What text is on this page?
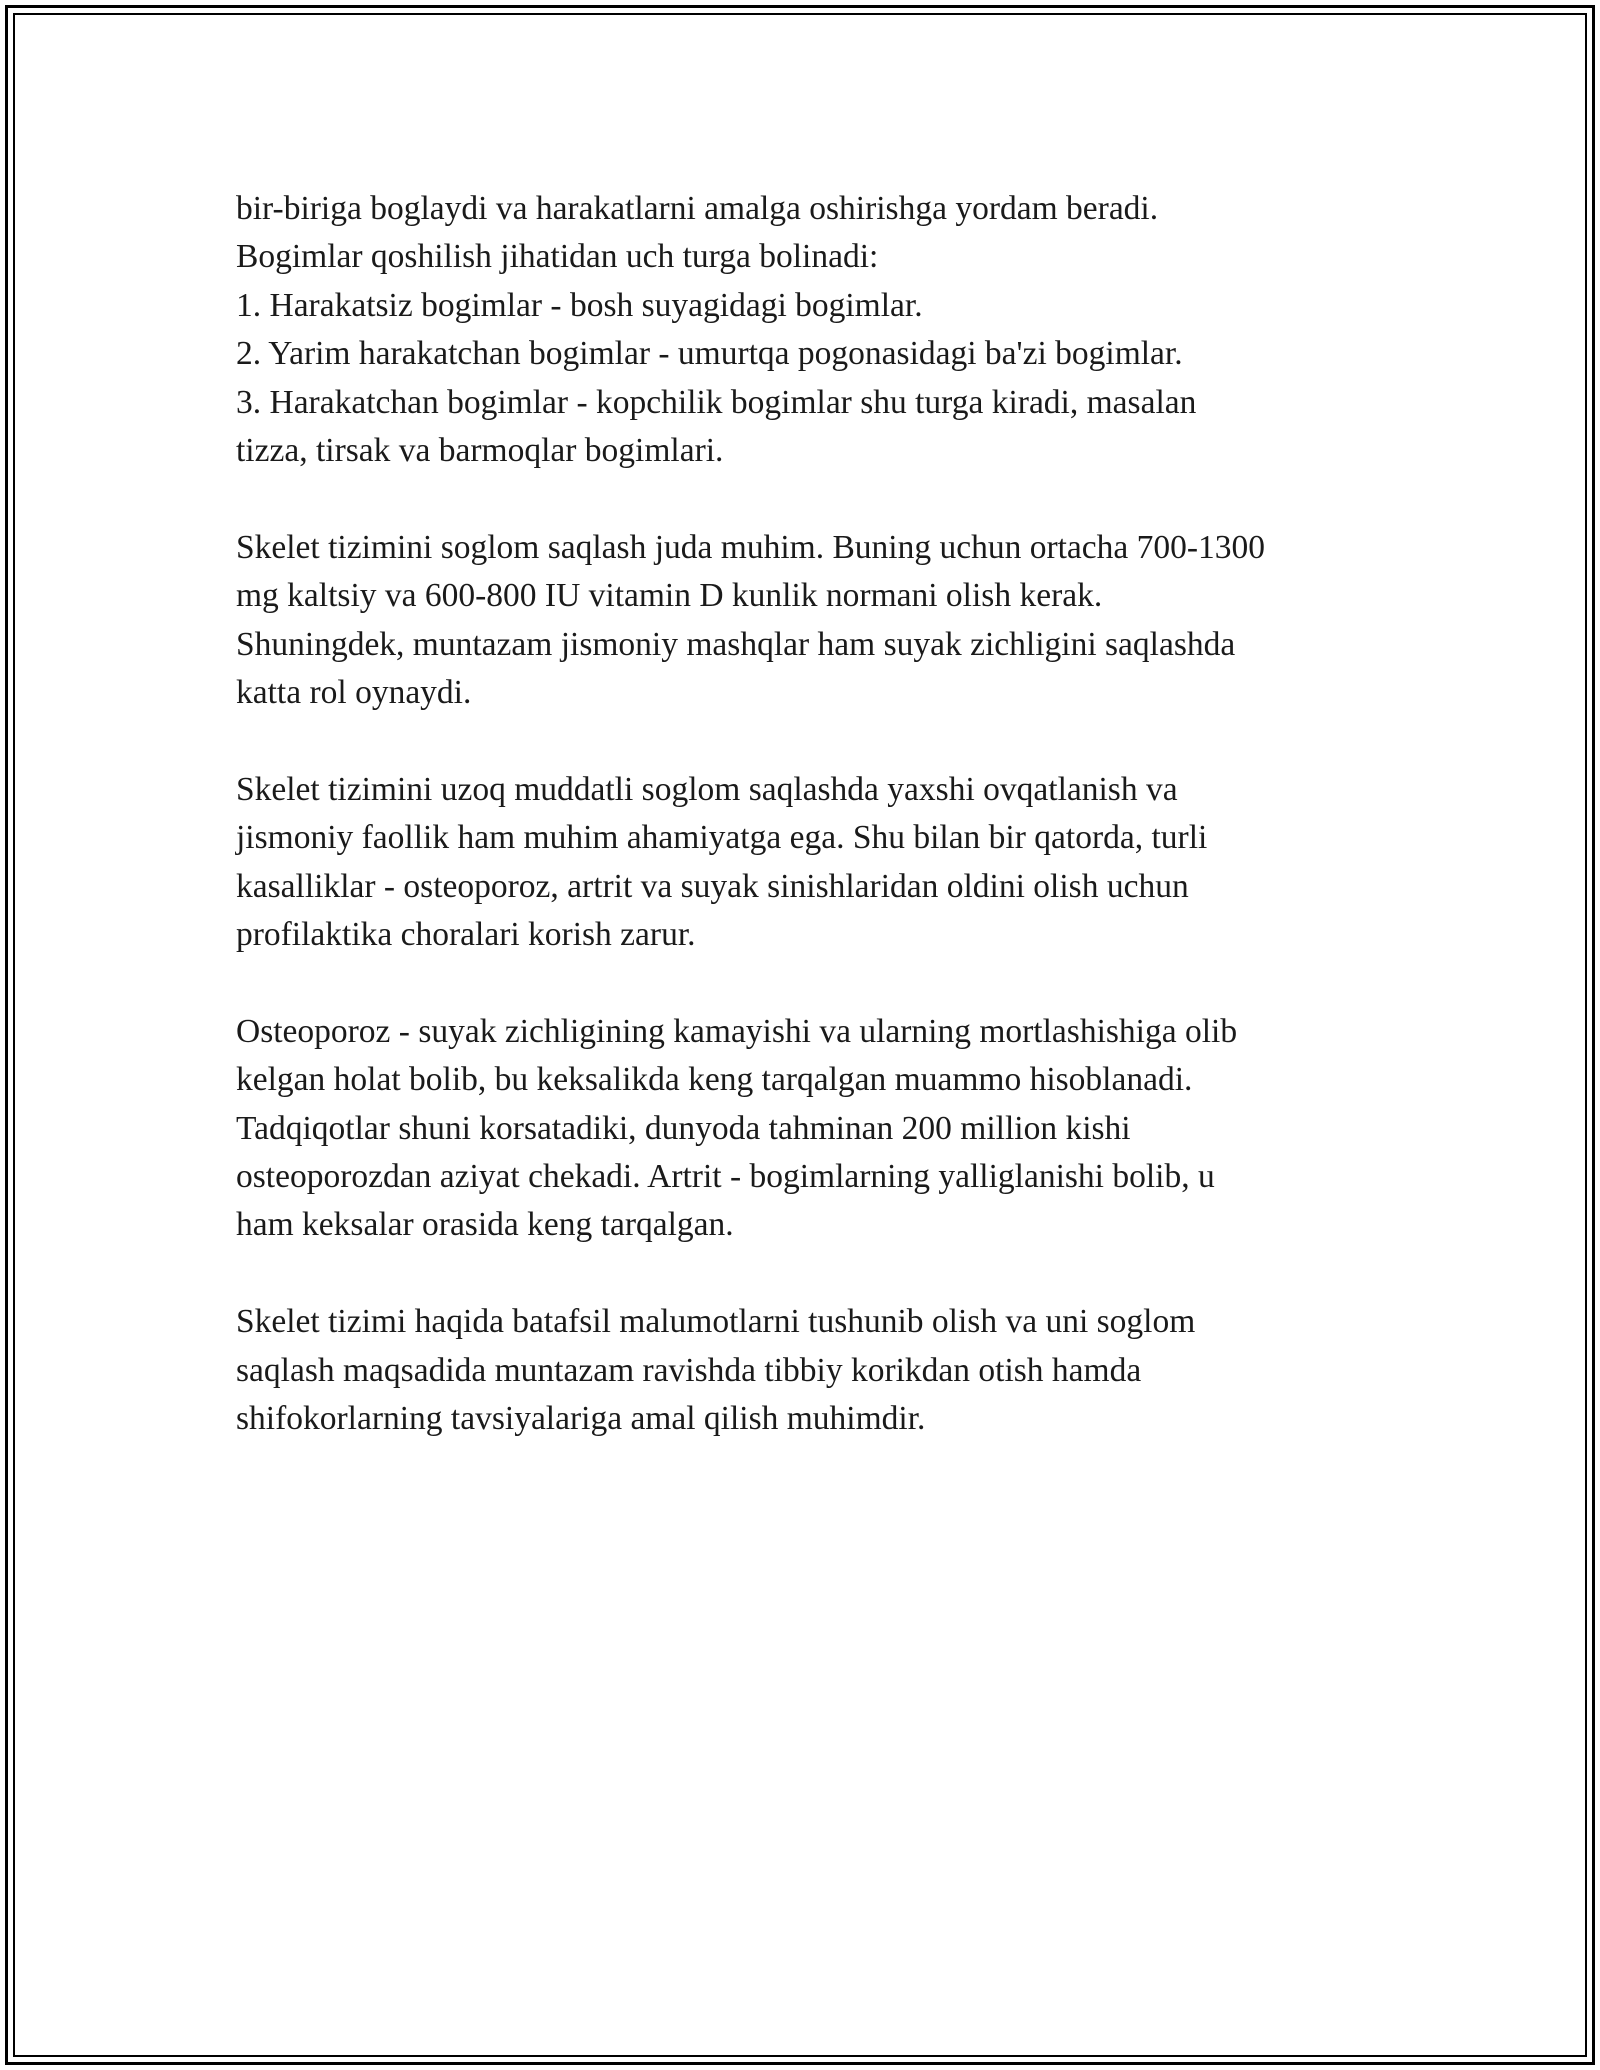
bir-biriga boglaydi va harakatlarni amalga oshirishga yordam beradi.
Bogimlar qoshilish jihatidan uch turga bolinadi:
1. Harakatsiz bogimlar - bosh suyagidagi bogimlar.
2. Yarim harakatchan bogimlar - umurtqa pogonasidagi ba'zi bogimlar.
3. Harakatchan bogimlar - kopchilik bogimlar shu turga kiradi, masalan
tizza, tirsak va barmoqlar bogimlari.
Skelet tizimini soglom saqlash juda muhim. Buning uchun ortacha 700-1300
mg kaltsiy va 600-800 IU vitamin D kunlik normani olish kerak.
Shuningdek, muntazam jismoniy mashqlar ham suyak zichligini saqlashda
katta rol oynaydi.
Skelet tizimini uzoq muddatli soglom saqlashda yaxshi ovqatlanish va
jismoniy faollik ham muhim ahamiyatga ega. Shu bilan bir qatorda, turli
kasalliklar - osteoporoz, artrit va suyak sinishlaridan oldini olish uchun
profilaktika choralari korish zarur.
Osteoporoz - suyak zichligining kamayishi va ularning mortlashishiga olib
kelgan holat bolib, bu keksalikda keng tarqalgan muammo hisoblanadi.
Tadqiqotlar shuni korsatadiki, dunyoda tahminan 200 million kishi
osteoporozdan aziyat chekadi. Artrit - bogimlarning yalliglanishi bolib, u
ham keksalar orasida keng tarqalgan.
Skelet tizimi haqida batafsil malumotlarni tushunib olish va uni soglom
saqlash maqsadida muntazam ravishda tibbiy korikdan otish hamda
shifokorlarning tavsiyalariga amal qilish muhimdir.
